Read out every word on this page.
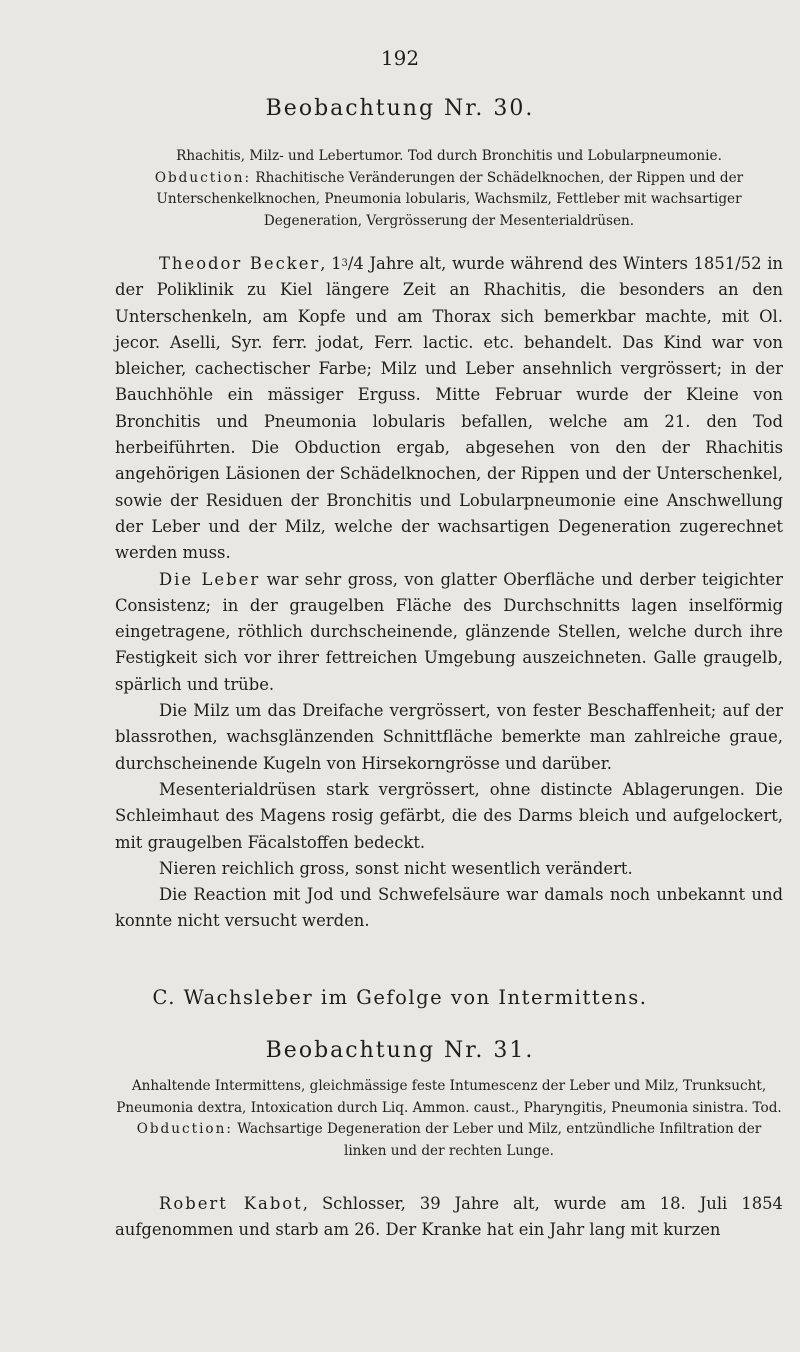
192
Beobachtung Nr. 30.
Rhachitis, Milz- und Lebertumor. Tod durch Bronchitis und Lobularpneumonie.
Obduction: Rhachitische Veränderungen der Schädelknochen, der Rippen und der Unterschenkelknochen, Pneumonia lobularis, Wachsmilz, Fettleber mit wachsartiger Degeneration, Vergrösserung der Mesenterialdrüsen.

Theodor Becker, $1^3/4$ Jahre alt, wurde während des Winters 1851/52 in der Poliklinik zu Kiel längere Zeit an Rhachitis, die besonders an den Unterschenkeln, am Kopfe und am Thorax sich bemerkbar machte, mit Ol. jecor. Aselli, Syr. ferr. jodat, Ferr. lactic. etc. behandelt. Das Kind war von bleicher, cachectischer Farbe; Milz und Leber ansehnlich vergrössert; in der Bauchhöhle ein mässiger Erguss. Mitte Februar wurde der Kleine von Bronchitis und Pneumonia lobularis befallen, welche am 21. den Tod herbeiführten. Die Obduction ergab, abgesehen von den der Rhachitis angehörigen Läsionen der Schädelknochen, der Rippen und der Unterschenkel, sowie der Residuen der Bronchitis und Lobularpneumonie eine Anschwellung der Leber und der Milz, welche der wachsartigen Degeneration zugerechnet werden muss.

Die Leber war sehr gross, von glatter Oberfläche und derber teigichter Consistenz; in der graugelben Fläche des Durchschnitts lagen inselförmig eingetragene, röthlich durchscheinende, glänzende Stellen, welche durch ihre Festigkeit sich vor ihrer fettreichen Umgebung auszeichneten. Galle graugelb, spärlich und trübe.

Die Milz um das Dreifache vergrössert, von fester Beschaffenheit; auf der blassrothen, wachsglänzenden Schnittfläche bemerkte man zahlreiche graue, durchscheinende Kugeln von Hirsekorngrösse und darüber.

Mesenterialdrüsen stark vergrössert, ohne distincte Ablagerungen. Die Schleimhaut des Magens rosig gefärbt, die des Darms bleich und aufgelockert, mit graugelben Fäcalstoffen bedeckt.

Nieren reichlich gross, sonst nicht wesentlich verändert.

Die Reaction mit Jod und Schwefelsäure war damals noch unbekannt und konnte nicht versucht werden.

C. Wachsleber im Gefolge von Intermittens.
Beobachtung Nr. 31.
Anhaltende Intermittens, gleichmässige feste Intumescenz der Leber und Milz, Trunksucht, Pneumonia dextra, Intoxication durch Liq. Ammon. caust., Pharyngitis, Pneumonia sinistra. Tod.
Obduction: Wachsartige Degeneration der Leber und Milz, entzündliche Infiltration der linken und der rechten Lunge.

Robert Kabot, Schlosser, 39 Jahre alt, wurde am 18. Juli 1854 aufgenommen und starb am 26. Der Kranke hat ein Jahr lang mit kurzen
